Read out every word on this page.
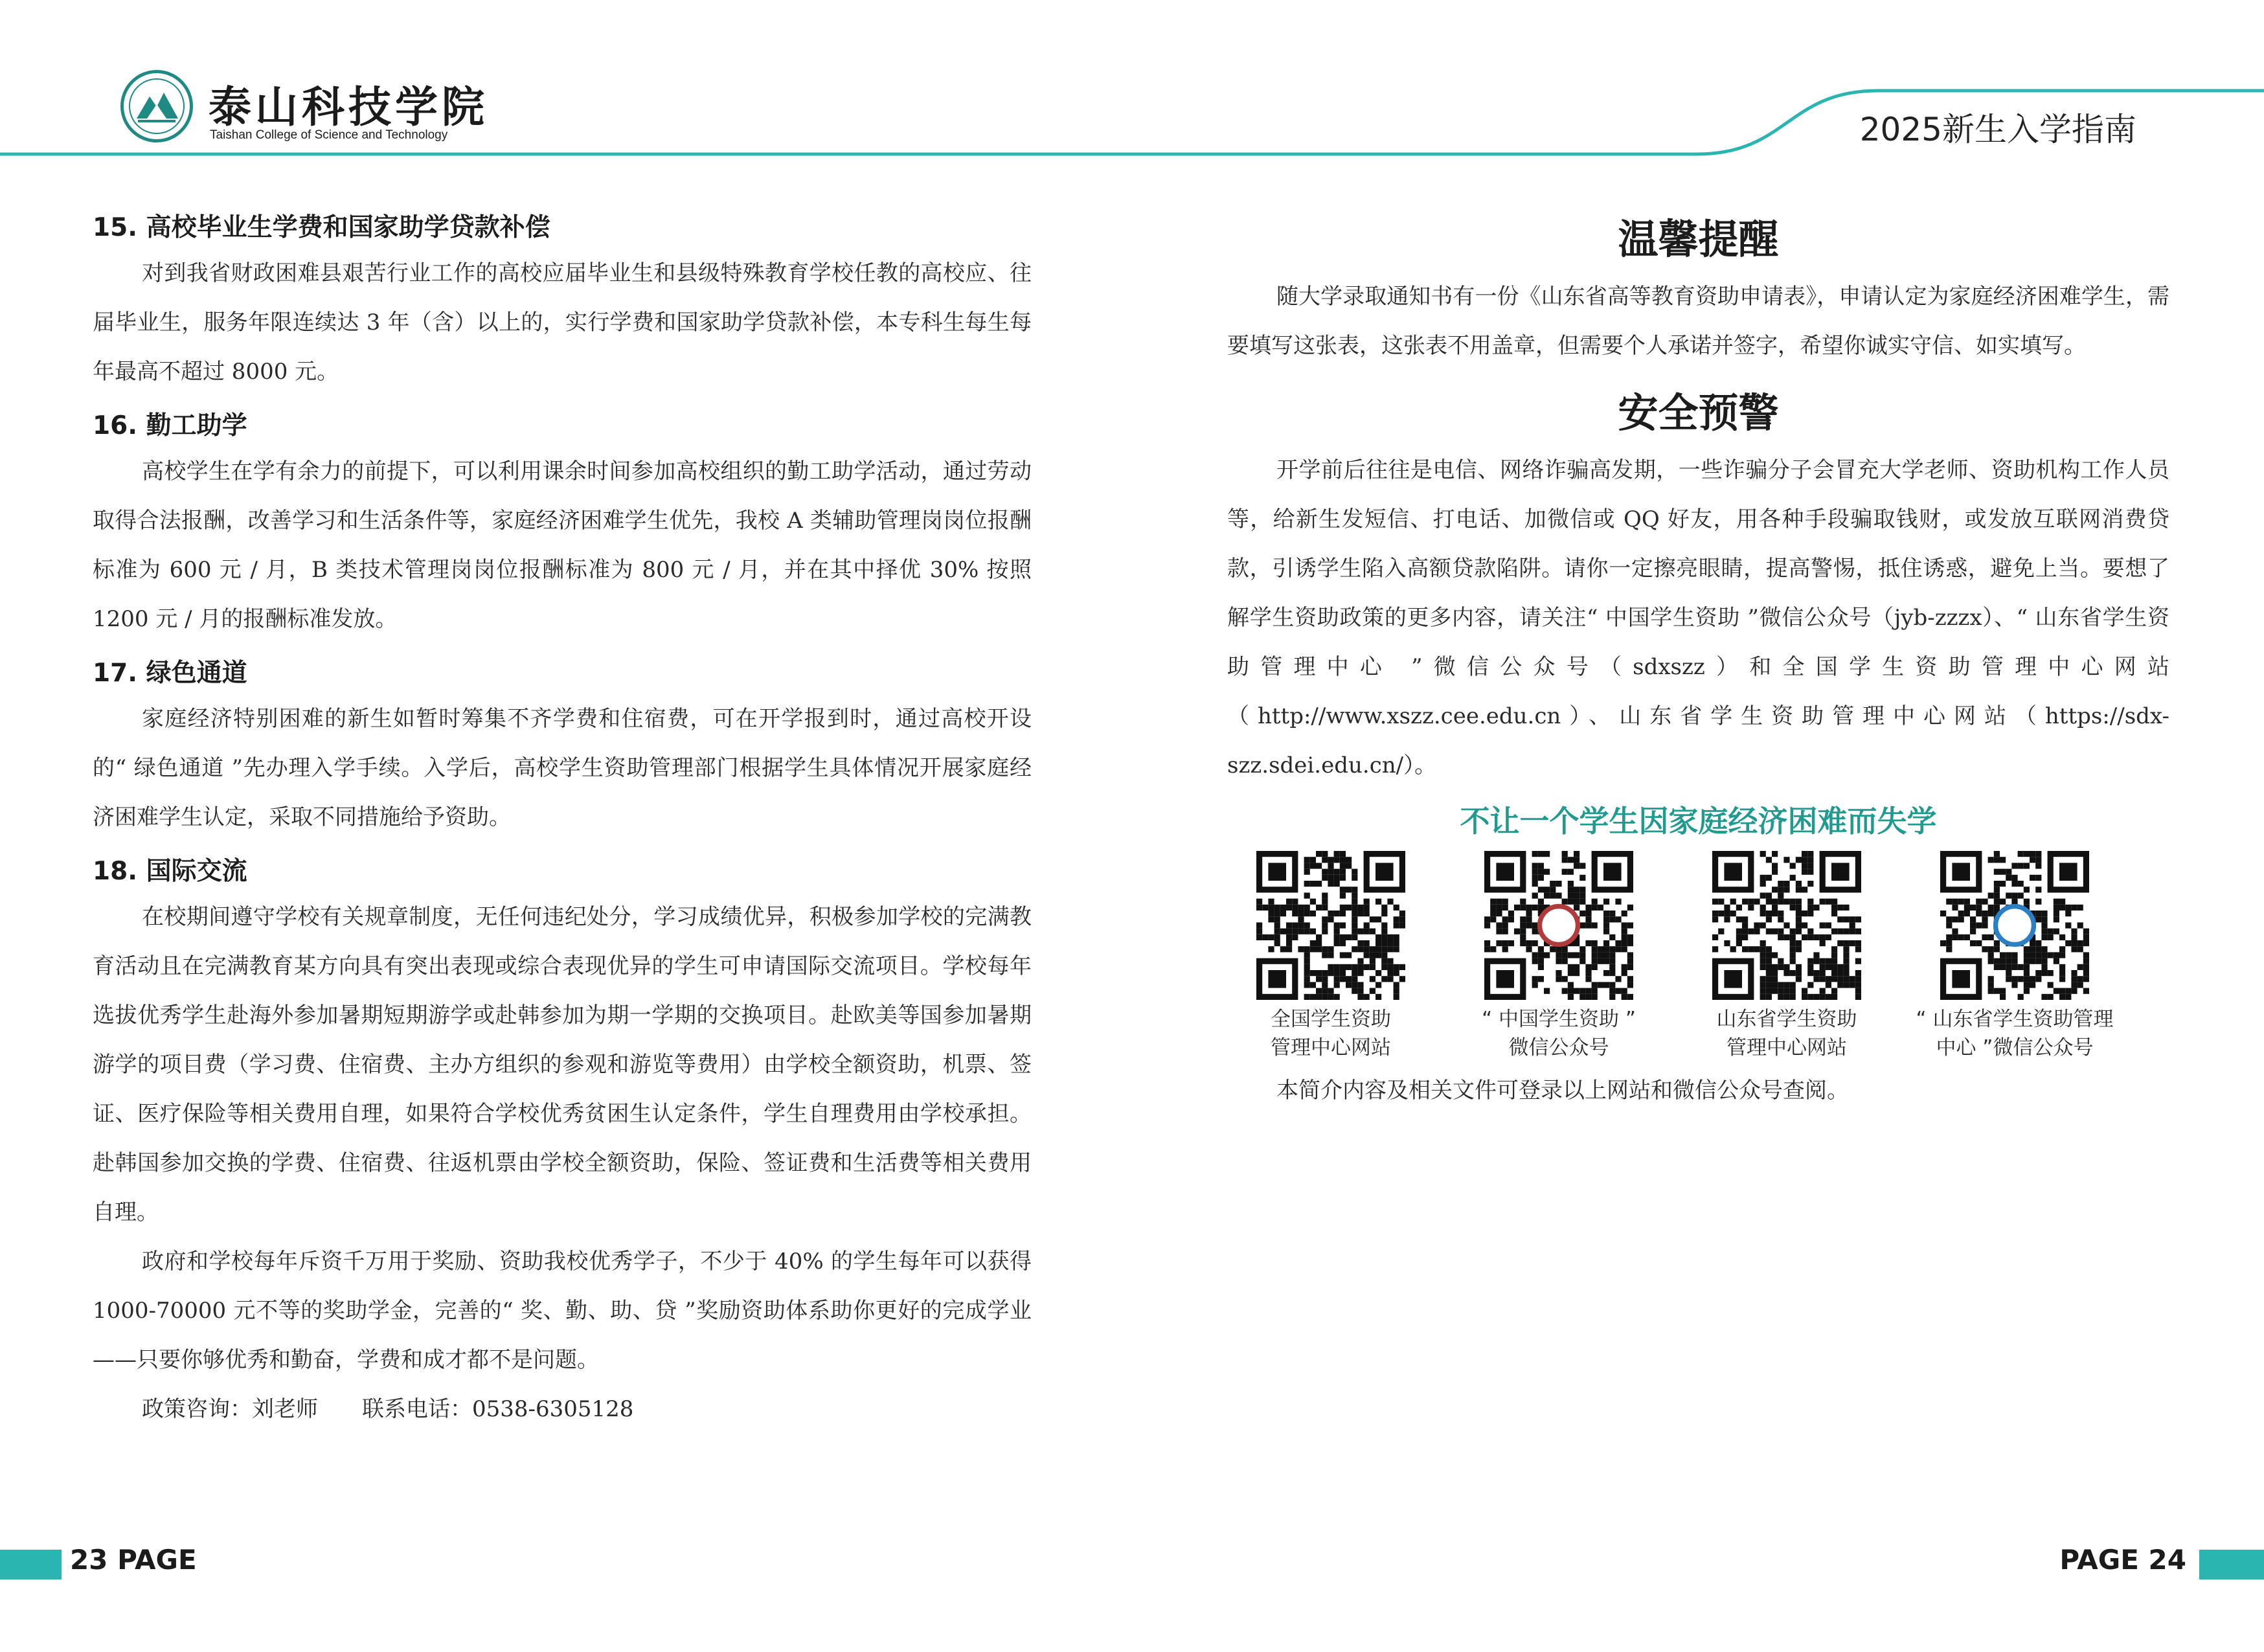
泰山科技学院
Taishan College of Science and Technology	2025新生入学指南
15. 高校毕业生学费和国家助学贷款补偿

对到我省财政困难县艰苦行业工作的高校应届毕业生和县级特殊教育学校任教的高校应、往届毕业生，服务年限连续达 3 年（含）以上的，实行学费和国家助学贷款补偿，本专科生每生每年最高不超过 8000 元。

16. 勤工助学

高校学生在学有余力的前提下，可以利用课余时间参加高校组织的勤工助学活动，通过劳动取得合法报酬，改善学习和生活条件等，家庭经济困难学生优先，我校 A 类辅助管理岗岗位报酬标准为 600 元 / 月，B 类技术管理岗岗位报酬标准为 800 元 / 月，并在其中择优 30% 按照 1200 元 / 月的报酬标准发放。

17. 绿色通道

家庭经济特别困难的新生如暂时筹集不齐学费和住宿费，可在开学报到时，通过高校开设的“ 绿色通道 ”先办理入学手续。入学后，高校学生资助管理部门根据学生具体情况开展家庭经济困难学生认定，采取不同措施给予资助。

18. 国际交流

在校期间遵守学校有关规章制度，无任何违纪处分，学习成绩优异，积极参加学校的完满教育活动且在完满教育某方向具有突出表现或综合表现优异的学生可申请国际交流项目。学校每年选拔优秀学生赴海外参加暑期短期游学或赴韩参加为期一学期的交换项目。赴欧美等国参加暑期游学的项目费（学习费、住宿费、主办方组织的参观和游览等费用）由学校全额资助，机票、签证、医疗保险等相关费用自理，如果符合学校优秀贫困生认定条件，学生自理费用由学校承担。赴韩国参加交换的学费、住宿费、往返机票由学校全额资助，保险、签证费和生活费等相关费用自理。

政府和学校每年斥资千万用于奖励、资助我校优秀学子，不少于 40% 的学生每年可以获得 1000-70000 元不等的奖助学金，完善的“ 奖、勤、助、贷 ”奖励资助体系助你更好的完成学业——只要你够优秀和勤奋，学费和成才都不是问题。

政策咨询：刘老师　　联系电话：0538-6305128

温馨提醒

随大学录取通知书有一份《山东省高等教育资助申请表》，申请认定为家庭经济困难学生，需要填写这张表，这张表不用盖章，但需要个人承诺并签字，希望你诚实守信、如实填写。

安全预警

开学前后往往是电信、网络诈骗高发期，一些诈骗分子会冒充大学老师、资助机构工作人员等，给新生发短信、打电话、加微信或 QQ 好友，用各种手段骗取钱财，或发放互联网消费贷款，引诱学生陷入高额贷款陷阱。请你一定擦亮眼睛，提高警惕，抵住诱惑，避免上当。要想了解学生资助政策的更多内容，请关注“ 中国学生资助 ”微信公众号（jyb-zzzx）、“ 山东省学生资助管理中心 ”微信公众号（sdxszz）和全国学生资助管理中心网站（http://www.xszz.cee.edu.cn）、山东省学生资助管理中心网站（https://sdx-szz.sdei.edu.cn/）。

不让一个学生因家庭经济困难而失学
全国学生资助
管理中心网站
“ 中国学生资助 ”
微信公众号
山东省学生资助
管理中心网站
“ 山东省学生资助管理
中心 ”微信公众号

本简介内容及相关文件可登录以上网站和微信公众号查阅。

23 PAGE	PAGE 24
